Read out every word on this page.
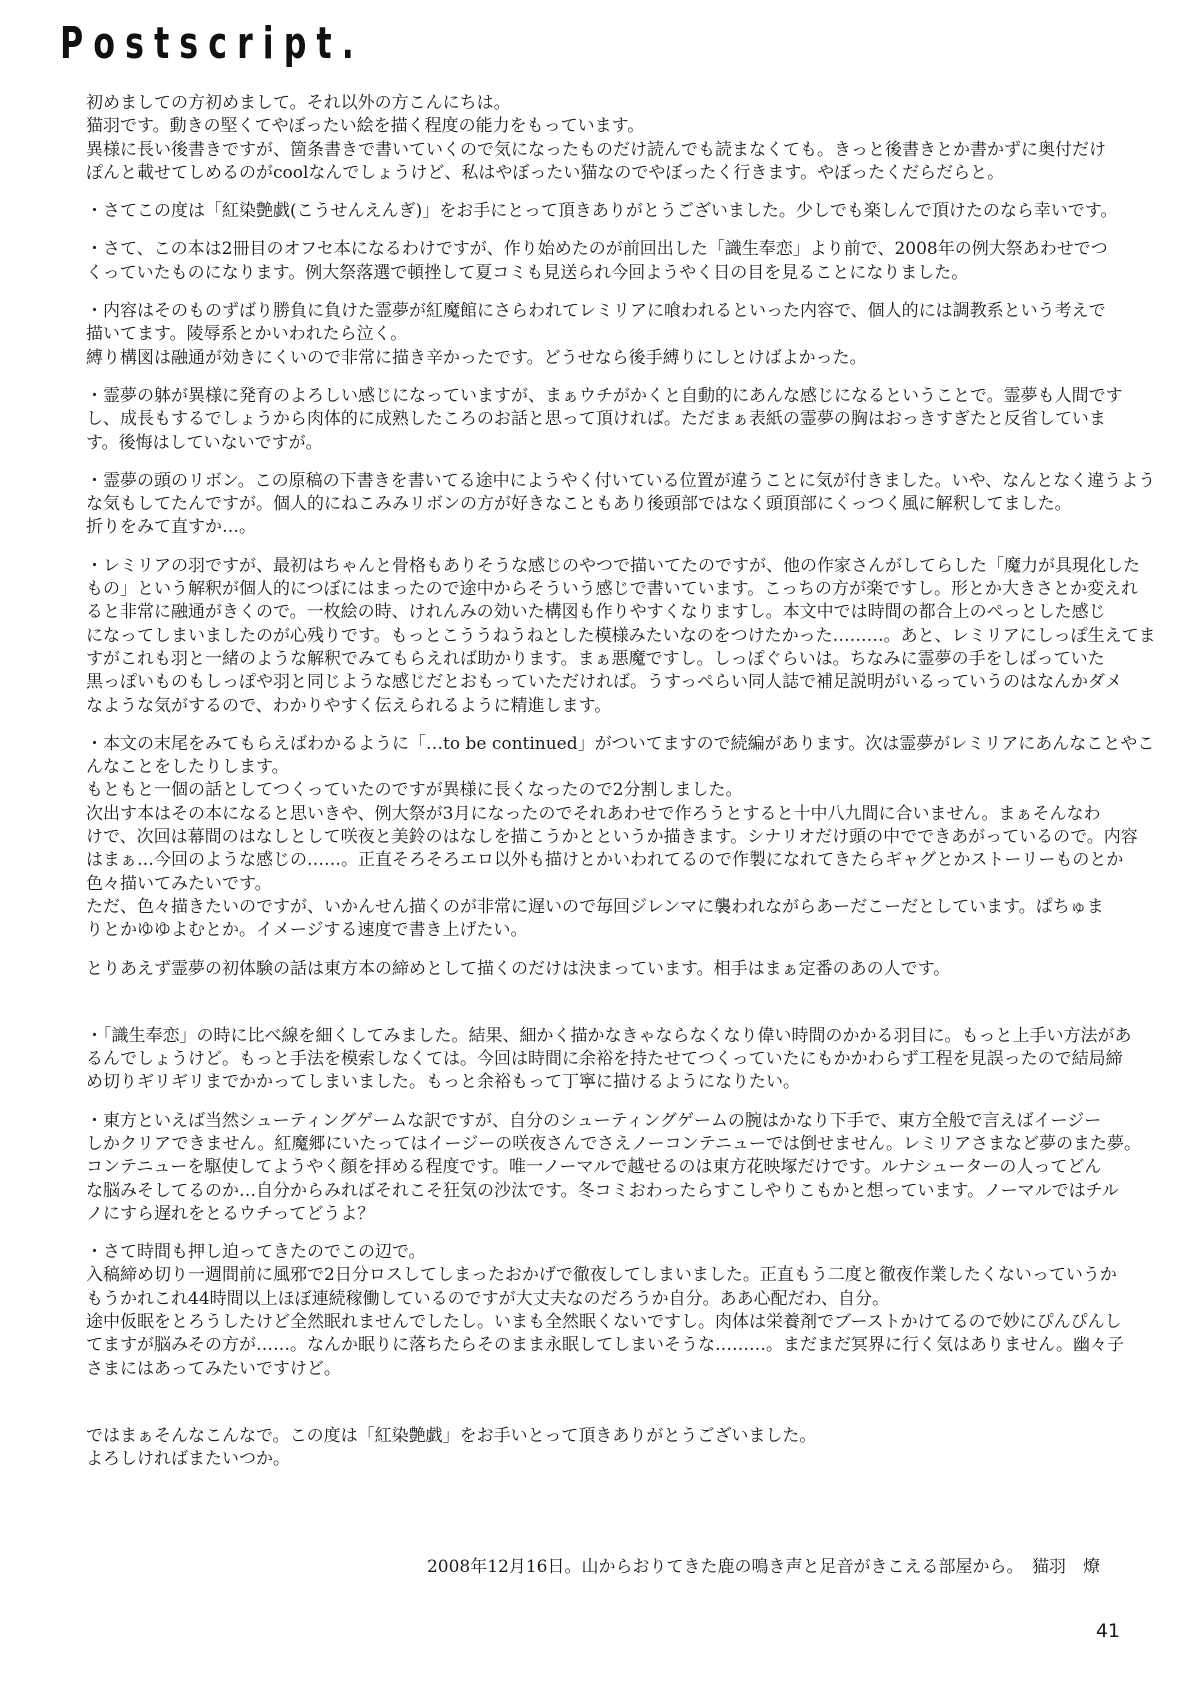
Postscript.
初めましての方初めまして。それ以外の方こんにちは。
猫羽です。動きの堅くてやぼったい絵を描く程度の能力をもっています。
異様に長い後書きですが、箇条書きで書いていくので気になったものだけ読んでも読まなくても。きっと後書きとか書かずに奥付だけ
ぽんと載せてしめるのがcoolなんでしょうけど、私はやぼったい猫なのでやぼったく行きます。やぼったくだらだらと。
・さてこの度は「紅染艶戯(こうせんえんぎ)」をお手にとって頂きありがとうございました。少しでも楽しんで頂けたのなら幸いです。
・さて、この本は2冊目のオフセ本になるわけですが、作り始めたのが前回出した「識生奉恋」より前で、2008年の例大祭あわせでつ
くっていたものになります。例大祭落選で頓挫して夏コミも見送られ今回ようやく日の目を見ることになりました。
・内容はそのものずばり勝負に負けた霊夢が紅魔館にさらわれてレミリアに喰われるといった内容で、個人的には調教系という考えで
描いてます。陵辱系とかいわれたら泣く。
縛り構図は融通が効きにくいので非常に描き辛かったです。どうせなら後手縛りにしとけばよかった。
・霊夢の躰が異様に発育のよろしい感じになっていますが、まぁウチがかくと自動的にあんな感じになるということで。霊夢も人間です
し、成長もするでしょうから肉体的に成熟したころのお話と思って頂ければ。ただまぁ表紙の霊夢の胸はおっきすぎたと反省していま
す。後悔はしていないですが。
・霊夢の頭のリボン。この原稿の下書きを書いてる途中にようやく付いている位置が違うことに気が付きました。いや、なんとなく違うよう
な気もしてたんですが。個人的にねこみみリボンの方が好きなこともあり後頭部ではなく頭頂部にくっつく風に解釈してました。
折りをみて直すか…。
・レミリアの羽ですが、最初はちゃんと骨格もありそうな感じのやつで描いてたのですが、他の作家さんがしてらした「魔力が具現化した
もの」という解釈が個人的につぼにはまったので途中からそういう感じで書いています。こっちの方が楽ですし。形とか大きさとか変えれ
ると非常に融通がきくので。一枚絵の時、けれんみの効いた構図も作りやすくなりますし。本文中では時間の都合上のぺっとした感じ
になってしまいましたのが心残りです。もっとこううねうねとした模様みたいなのをつけたかった………。あと、レミリアにしっぽ生えてま
すがこれも羽と一緒のような解釈でみてもらえれば助かります。まぁ悪魔ですし。しっぽぐらいは。ちなみに霊夢の手をしばっていた
黒っぽいものもしっぽや羽と同じような感じだとおもっていただければ。うすっぺらい同人誌で補足説明がいるっていうのはなんかダメ
なような気がするので、わかりやすく伝えられるように精進します。
・本文の末尾をみてもらえばわかるように「…to be continued」がついてますので続編があります。次は霊夢がレミリアにあんなことやこ
んなことをしたりします。
もともと一個の話としてつくっていたのですが異様に長くなったので2分割しました。
次出す本はその本になると思いきや、例大祭が3月になったのでそれあわせで作ろうとすると十中八九間に合いません。まぁそんなわ
けで、次回は幕間のはなしとして咲夜と美鈴のはなしを描こうかとというか描きます。シナリオだけ頭の中でできあがっているので。内容
はまぁ…今回のような感じの……。正直そろそろエロ以外も描けとかいわれてるので作製になれてきたらギャグとかストーリーものとか
色々描いてみたいです。
ただ、色々描きたいのですが、いかんせん描くのが非常に遅いので毎回ジレンマに襲われながらあーだこーだとしています。ぱちゅま
りとかゆゆよむとか。イメージする速度で書き上げたい。
とりあえず霊夢の初体験の話は東方本の締めとして描くのだけは決まっています。相手はまぁ定番のあの人です。
・「識生奉恋」の時に比べ線を細くしてみました。結果、細かく描かなきゃならなくなり偉い時間のかかる羽目に。もっと上手い方法があ
るんでしょうけど。もっと手法を模索しなくては。今回は時間に余裕を持たせてつくっていたにもかかわらず工程を見誤ったので結局締
め切りギリギリまでかかってしまいました。もっと余裕もって丁寧に描けるようになりたい。
・東方といえば当然シューティングゲームな訳ですが、自分のシューティングゲームの腕はかなり下手で、東方全般で言えばイージー
しかクリアできません。紅魔郷にいたってはイージーの咲夜さんでさえノーコンテニューでは倒せません。レミリアさまなど夢のまた夢。
コンテニューを駆使してようやく顔を拝める程度です。唯一ノーマルで越せるのは東方花映塚だけです。ルナシューターの人ってどん
な脳みそしてるのか…自分からみればそれこそ狂気の沙汰です。冬コミおわったらすこしやりこもかと想っています。ノーマルではチル
ノにすら遅れをとるウチってどうよ？
・さて時間も押し迫ってきたのでこの辺で。
入稿締め切り一週間前に風邪で2日分ロスしてしまったおかげで徹夜してしまいました。正直もう二度と徹夜作業したくないっていうか
もうかれこれ44時間以上ほぼ連続稼働しているのですが大丈夫なのだろうか自分。ああ心配だわ、自分。
途中仮眠をとろうしたけど全然眠れませんでしたし。いまも全然眠くないですし。肉体は栄養剤でブーストかけてるので妙にぴんぴんし
てますが脳みその方が……。なんか眠りに落ちたらそのまま永眠してしまいそうな………。まだまだ冥界に行く気はありません。幽々子
さまにはあってみたいですけど。
ではまぁそんなこんなで。この度は「紅染艶戯」をお手いとって頂きありがとうございました。
よろしければまたいつか。
2008年12月16日。山からおりてきた鹿の鳴き声と足音がきこえる部屋から。　猫羽　燎
41
